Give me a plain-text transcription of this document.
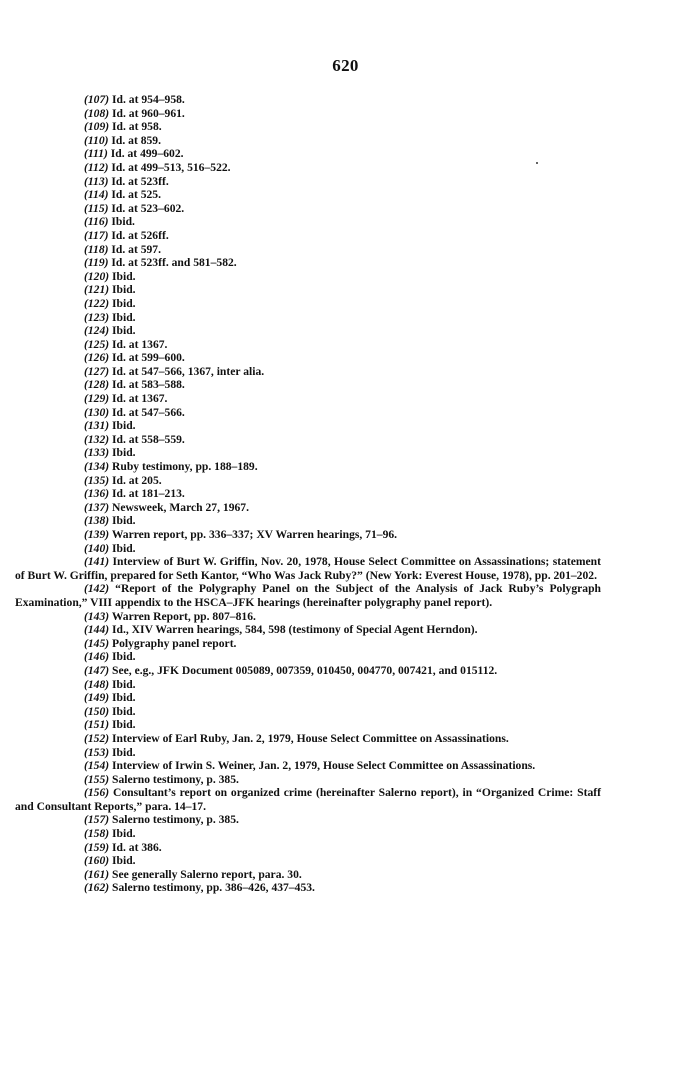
620

(107) Id. at 954–958.

(108) Id. at 960–961.

(109) Id. at 958.

(110) Id. at 859.

(111) Id. at 499–602.

(112) Id. at 499–513, 516–522.

(113) Id. at 523ff.

(114) Id. at 525.

(115) Id. at 523–602.

(116) Ibid.

(117) Id. at 526ff.

(118) Id. at 597.

(119) Id. at 523ff. and 581–582.

(120) Ibid.

(121) Ibid.

(122) Ibid.

(123) Ibid.

(124) Ibid.

(125) Id. at 1367.

(126) Id. at 599–600.

(127) Id. at 547–566, 1367, inter alia.

(128) Id. at 583–588.

(129) Id. at 1367.

(130) Id. at 547–566.

(131) Ibid.

(132) Id. at 558–559.

(133) Ibid.

(134) Ruby testimony, pp. 188–189.

(135) Id. at 205.

(136) Id. at 181–213.

(137) Newsweek, March 27, 1967.

(138) Ibid.

(139) Warren report, pp. 336–337; XV Warren hearings, 71–96.

(140) Ibid.

(141) Interview of Burt W. Griffin, Nov. 20, 1978, House Select Committee on Assassinations; statement of Burt W. Griffin, prepared for Seth Kantor, “Who Was Jack Ruby?” (New York: Everest House, 1978), pp. 201–202.

(142) “Report of the Polygraphy Panel on the Subject of the Analysis of Jack Ruby’s Polygraph Examination,” VIII appendix to the HSCA–JFK hearings (hereinafter polygraphy panel report).

(143) Warren Report, pp. 807–816.

(144) Id., XIV Warren hearings, 584, 598 (testimony of Special Agent Herndon).

(145) Polygraphy panel report.

(146) Ibid.

(147) See, e.g., JFK Document 005089, 007359, 010450, 004770, 007421, and 015112.

(148) Ibid.

(149) Ibid.

(150) Ibid.

(151) Ibid.

(152) Interview of Earl Ruby, Jan. 2, 1979, House Select Committee on Assassinations.

(153) Ibid.

(154) Interview of Irwin S. Weiner, Jan. 2, 1979, House Select Committee on Assassinations.

(155) Salerno testimony, p. 385.

(156) Consultant’s report on organized crime (hereinafter Salerno report), in “Organized Crime: Staff and Consultant Reports,” para. 14–17.

(157) Salerno testimony, p. 385.

(158) Ibid.

(159) Id. at 386.

(160) Ibid.

(161) See generally Salerno report, para. 30.

(162) Salerno testimony, pp. 386–426, 437–453.
